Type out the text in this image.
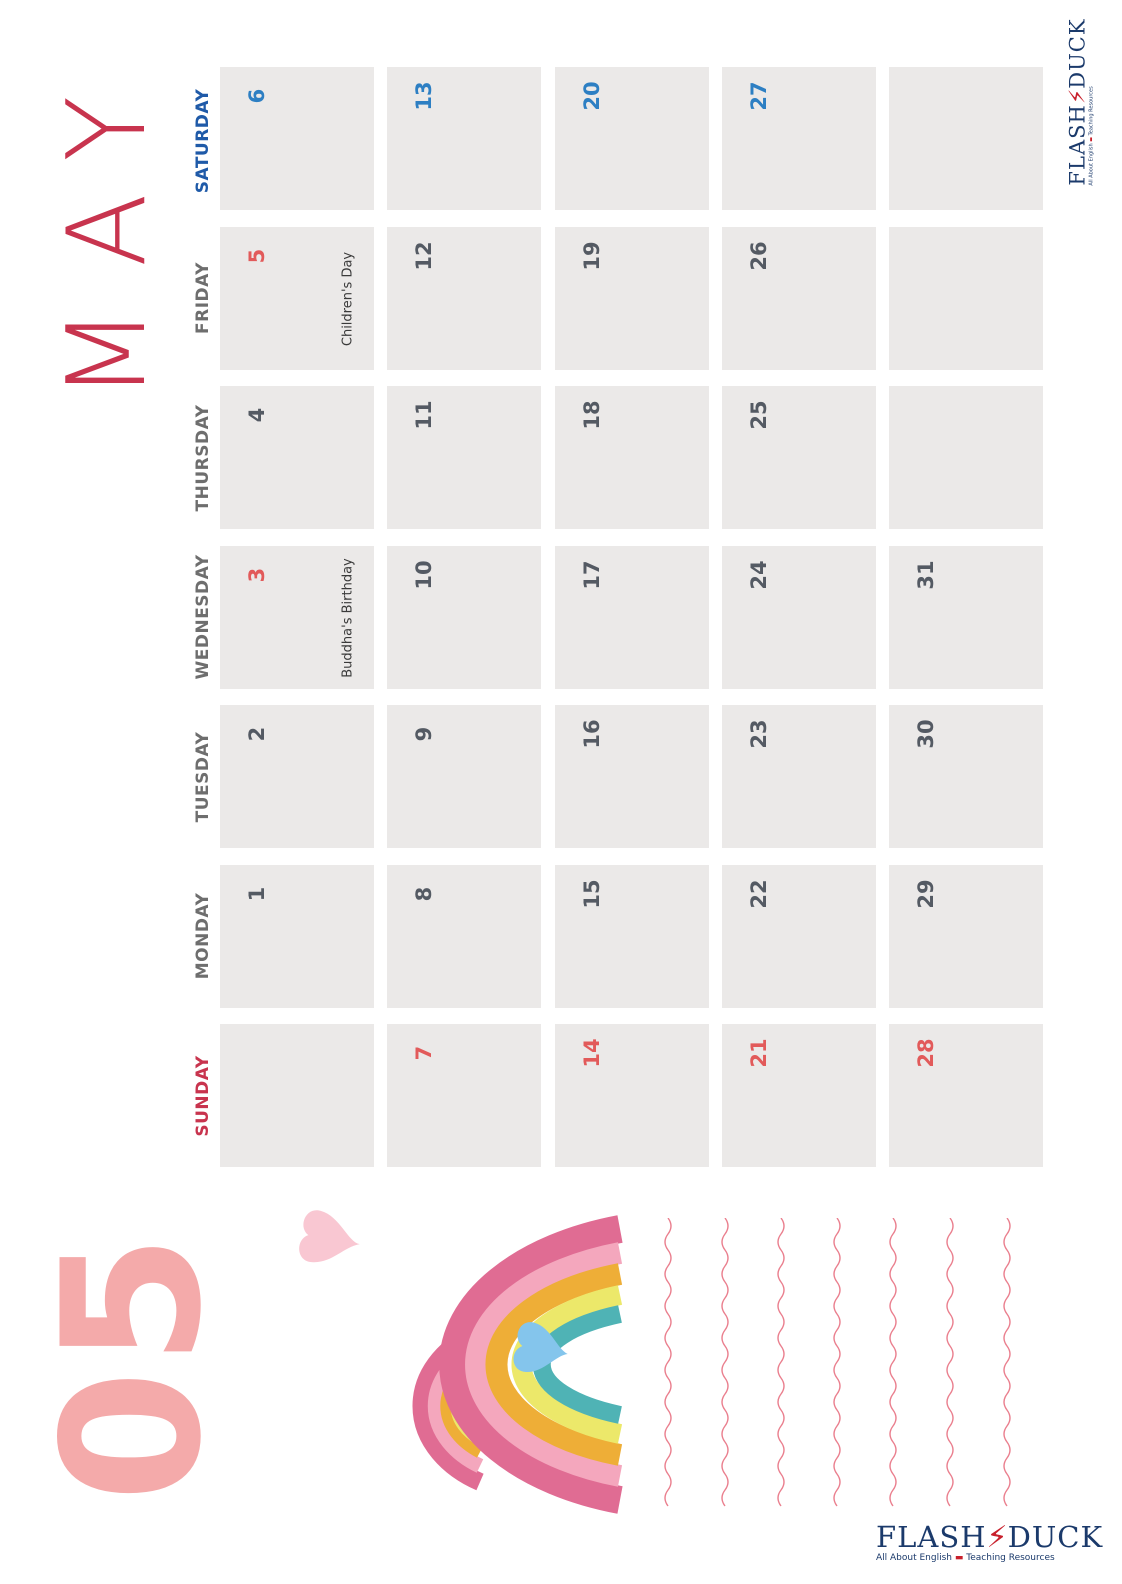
MAY
SUNDAY
MONDAY
TUESDAY
WEDNESDAY
THURSDAY
FRIDAY
SATURDAY
1
2
3	Buddha's Birthday
4
5	Children's Day
6
7
8
9
10
11
12
13
14
15
16
17
18
19
20
21
22
23
24
25
26
27
28
29
30
31
05
FLASH⚡DUCK
All About English ▬ Teaching Resources
FLASH⚡DUCK
All About English ▬ Teaching Resources
